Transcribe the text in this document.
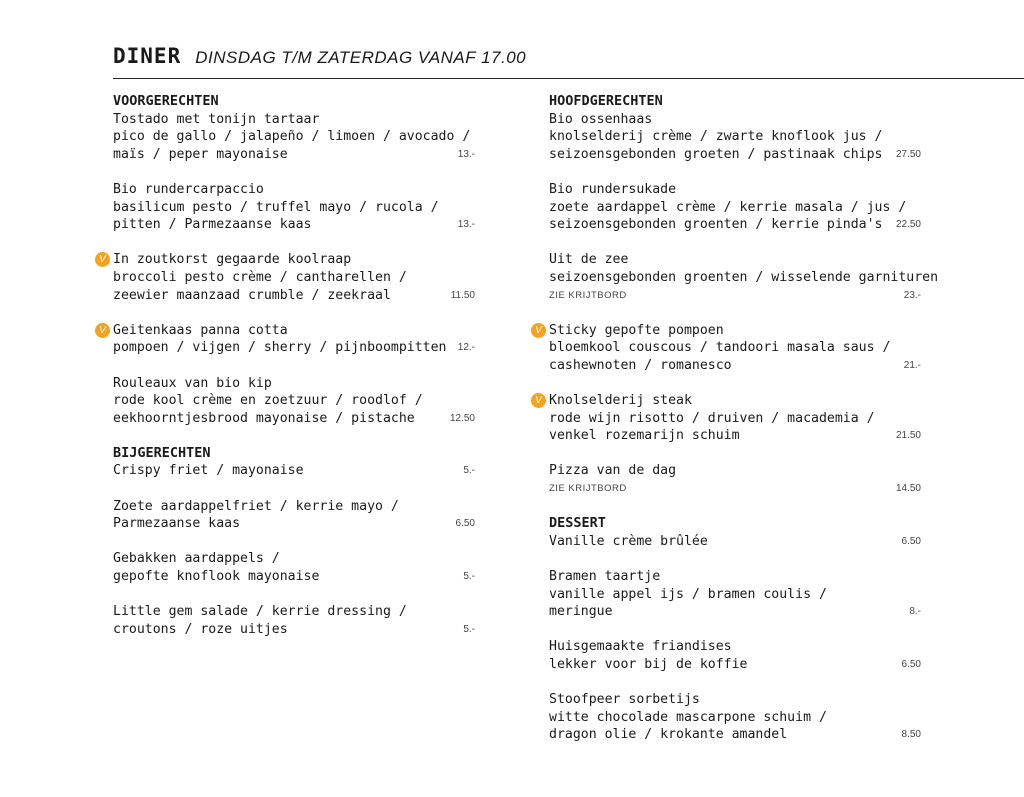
DINER DINSDAG T/M ZATERDAG VANAF 17.00
VOORGERECHTEN
Tostado met tonijn tartaar
pico de gallo / jalapeño / limoen / avocado /
maïs / peper mayonaise	13.-
Bio rundercarpaccio
basilicum pesto / truffel mayo / rucola /
pitten / Parmezaanse kaas	13.-
V In zoutkorst gegaarde koolraap
broccoli pesto crème / cantharellen /
zeewier maanzaad crumble / zeekraal	11.50
V Geitenkaas panna cotta
pompoen / vijgen / sherry / pijnboompitten	12.-
Rouleaux van bio kip
rode kool crème en zoetzuur / roodlof /
eekhoorntjesbrood mayonaise / pistache	12.50
BIJGERECHTEN
Crispy friet / mayonaise	5.-
Zoete aardappelfriet / kerrie mayo /
Parmezaanse kaas	6.50
Gebakken aardappels /
gepofte knoflook mayonaise	5.-
Little gem salade / kerrie dressing /
croutons / roze uitjes	5.-
HOOFDGERECHTEN
Bio ossenhaas
knolselderij crème / zwarte knoflook jus /
seizoensgebonden groeten / pastinaak chips	27.50
Bio rundersukade
zoete aardappel crème / kerrie masala / jus /
seizoensgebonden groenten / kerrie pinda's	22.50
Uit de zee
seizoensgebonden groenten / wisselende garnituren
ZIE KRIJTBORD	23.-
V Sticky gepofte pompoen
bloemkool couscous / tandoori masala saus /
cashewnoten / romanesco	21.-
V Knolselderij steak
rode wijn risotto / druiven / macademia /
venkel rozemarijn schuim	21.50
Pizza van de dag
ZIE KRIJTBORD	14.50
DESSERT
Vanille crème brûlée	6.50
Bramen taartje
vanille appel ijs / bramen coulis /
meringue	8.-
Huisgemaakte friandises
lekker voor bij de koffie	6.50
Stoofpeer sorbetijs
witte chocolade mascarpone schuim /
dragon olie / krokante amandel	8.50
